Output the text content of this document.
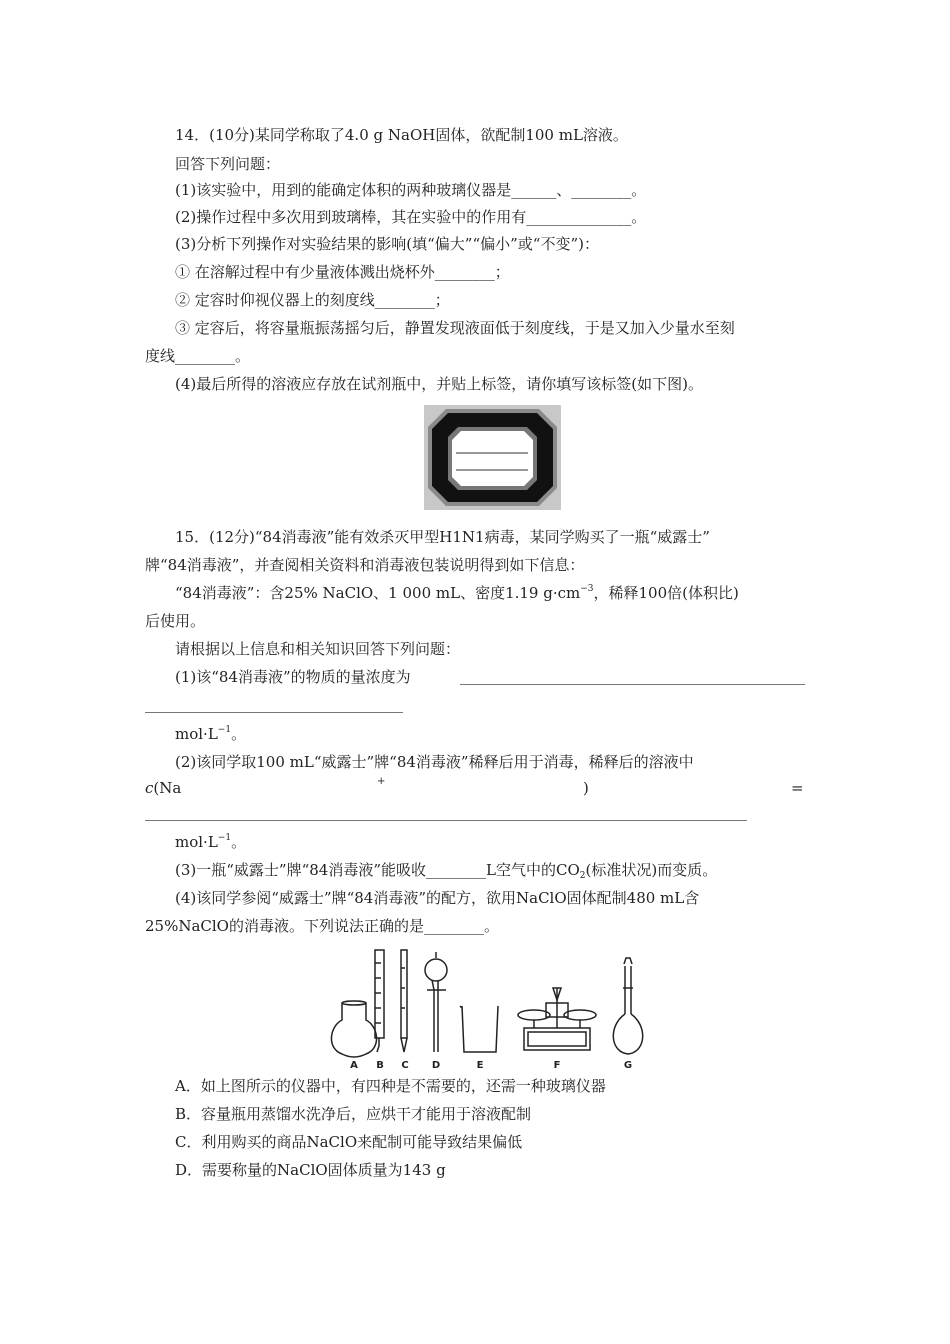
14．(10分)某同学称取了4.0 g NaOH固体，欲配制100 mL溶液。
回答下列问题：
(1)该实验中，用到的能确定体积的两种玻璃仪器是______、________。
(2)操作过程中多次用到玻璃棒，其在实验中的作用有______________。
(3)分析下列操作对实验结果的影响(填“偏大”“偏小”或“不变”)：
① 在溶解过程中有少量液体溅出烧杯外________；
② 定容时仰视仪器上的刻度线________；
③ 定容后，将容量瓶振荡摇匀后，静置发现液面低于刻度线，于是又加入少量水至刻
度线________。
(4)最后所得的溶液应存放在试剂瓶中，并贴上标签，请你填写该标签(如下图)。
15．(12分)“84消毒液”能有效杀灭甲型H1N1病毒，某同学购买了一瓶“威露士”
牌“84消毒液”，并查阅相关资料和消毒液包装说明得到如下信息：
“84消毒液”：含25% NaClO、1 000 mL、密度1.19 $g\cdot cm^{-3}$，稀释100倍(体积比)
后使用。
请根据以上信息和相关知识回答下列问题：
(1)该“84消毒液”的物质的量浓度为
$mol\cdot L^{-1}$。
(2)该同学取100 mL“威露士”牌“84消毒液”稀释后用于消毒，稀释后的溶液中
c(Na	+	)	=
$mol\cdot L^{-1}$。
(3)一瓶“威露士”牌“84消毒液”能吸收________L空气中的$CO_2$(标准状况)而变质。
(4)该同学参阅“威露士”牌“84消毒液”的配方，欲用NaClO固体配制480 mL含
25%NaClO的消毒液。下列说法正确的是________。
A B C D	E	F	G
A．如上图所示的仪器中，有四种是不需要的，还需一种玻璃仪器
B．容量瓶用蒸馏水洗净后，应烘干才能用于溶液配制
C．利用购买的商品NaClO来配制可能导致结果偏低
D．需要称量的NaClO固体质量为143 g
